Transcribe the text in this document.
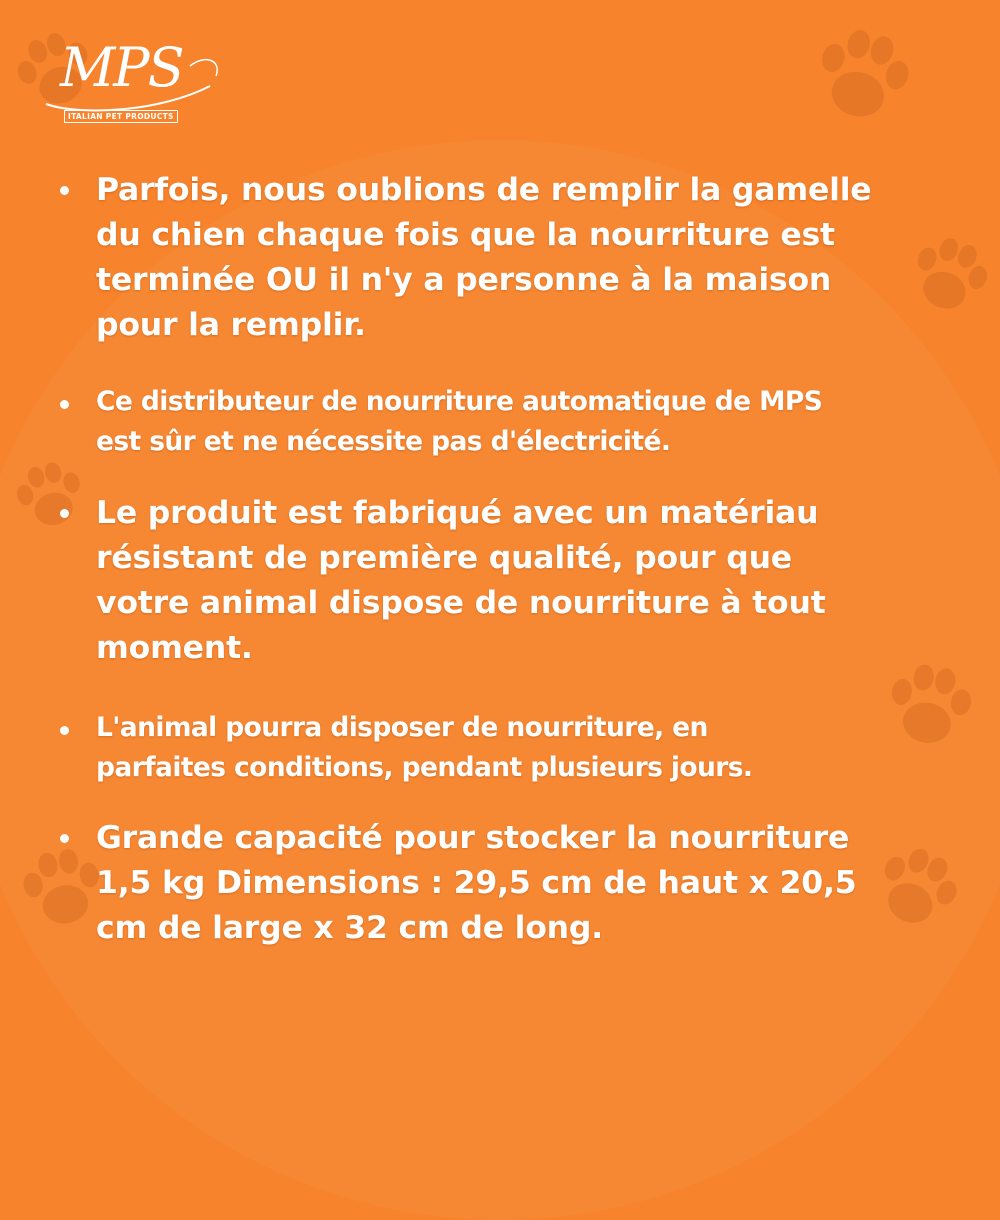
MPS
ITALIAN PET PRODUCTS
Parfois, nous oublions de remplir la gamelle
du chien chaque fois que la nourriture est
terminée OU il n'y a personne à la maison
pour la remplir.
Ce distributeur de nourriture automatique de MPS
est sûr et ne nécessite pas d'électricité.
Le produit est fabriqué avec un matériau
résistant de première qualité, pour que
votre animal dispose de nourriture à tout
moment.
L'animal pourra disposer de nourriture, en
parfaites conditions, pendant plusieurs jours.
Grande capacité pour stocker la nourriture
1,5 kg Dimensions : 29,5 cm de haut x 20,5
cm de large x 32 cm de long.
